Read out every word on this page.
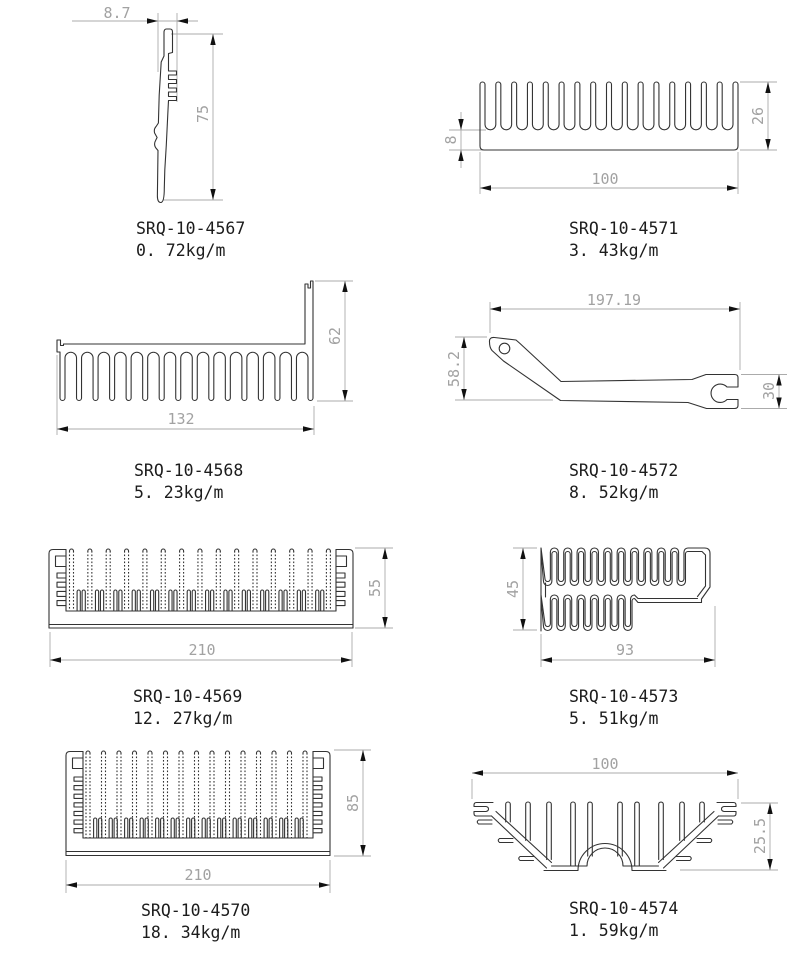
8.7
75
SRQ-10-4567
0. 72kg/m
8
26
100
SRQ-10-4571
3. 43kg/m
62
132
SRQ-10-4568
5. 23kg/m
197.19
58.2
30
SRQ-10-4572
8. 52kg/m
55
210
SRQ-10-4569
12. 27kg/m
45
93
SRQ-10-4573
5. 51kg/m
85
210
SRQ-10-4570
18. 34kg/m
100
25.5
SRQ-10-4574
1. 59kg/m
